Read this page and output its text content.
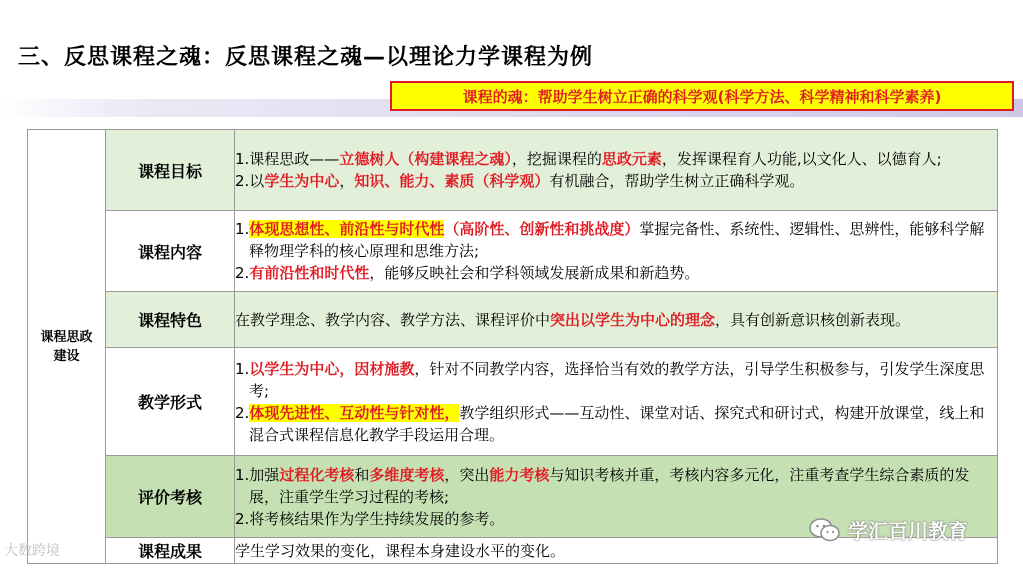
三、反思课程之魂：反思课程之魂—以理论力学课程为例
课程的魂：帮助学生树立正确的科学观(科学方法、科学精神和科学素养)
课程思政建设	课程目标	1.课程思政——立德树人（构建课程之魂），挖掘课程的思政元素，发挥课程育人功能,以文化人、以德育人;
2.以学生为中心，知识、能力、素质（科学观）有机融合，帮助学生树立正确科学观。

	课程内容	1.体现思想性、前沿性与时代性（高阶性、创新性和挑战度）掌握完备性、系统性、逻辑性、思辨性，能够科学解释物理学科的核心原理和思维方法;
2.有前沿性和时代性，能够反映社会和学科领域发展新成果和新趋势。

	课程特色	在教学理念、教学内容、教学方法、课程评价中突出以学生为中心的理念，具有创新意识核创新表现。

	教学形式	1.以学生为中心，因材施教，针对不同教学内容，选择恰当有效的教学方法，引导学生积极参与，引发学生深度思考;
2.体现先进性、互动性与针对性，教学组织形式——互动性、课堂对话、探究式和研讨式，构建开放课堂，线上和混合式课程信息化教学手段运用合理。

	评价考核	1.加强过程化考核和多维度考核，突出能力考核与知识考核并重，考核内容多元化，注重考查学生综合素质的发展，注重学生学习过程的考核;
2.将考核结果作为学生持续发展的参考。

	课程成果	学生学习效果的变化，课程本身建设水平的变化。
大数跨境
学汇百川教育
